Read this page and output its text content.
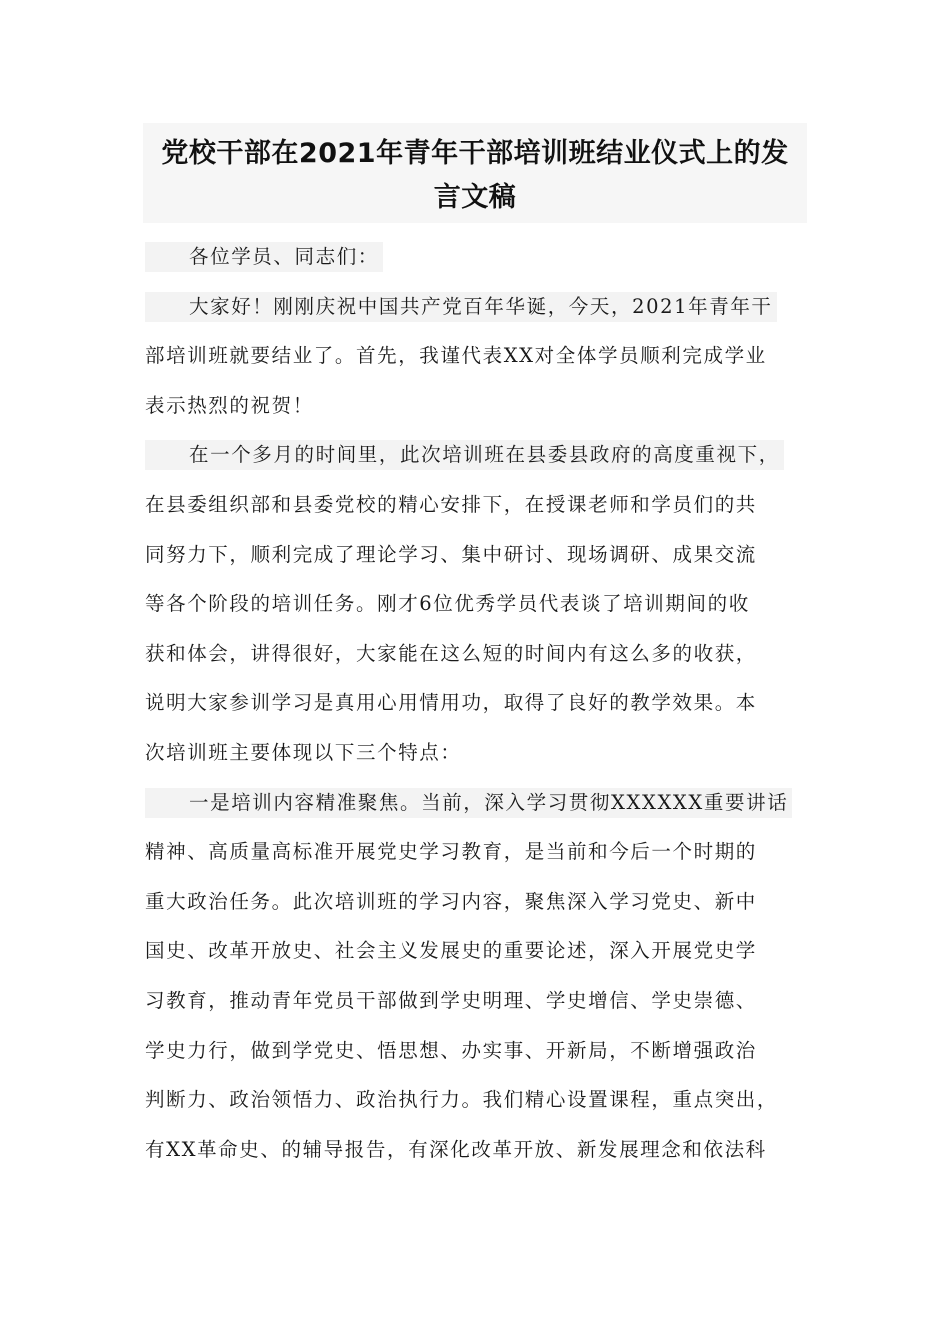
党校干部在2021年青年干部培训班结业仪式上的发
言文稿
各位学员、同志们：
大家好！刚刚庆祝中国共产党百年华诞，今天，2021年青年干
部培训班就要结业了。首先，我谨代表XX对全体学员顺利完成学业
表示热烈的祝贺！
在一个多月的时间里，此次培训班在县委县政府的高度重视下，
在县委组织部和县委党校的精心安排下，在授课老师和学员们的共
同努力下，顺利完成了理论学习、集中研讨、现场调研、成果交流
等各个阶段的培训任务。刚才6位优秀学员代表谈了培训期间的收
获和体会，讲得很好，大家能在这么短的时间内有这么多的收获，
说明大家参训学习是真用心用情用功，取得了良好的教学效果。本
次培训班主要体现以下三个特点：
一是培训内容精准聚焦。当前，深入学习贯彻XXXXXX重要讲话
精神、高质量高标准开展党史学习教育，是当前和今后一个时期的
重大政治任务。此次培训班的学习内容，聚焦深入学习党史、新中
国史、改革开放史、社会主义发展史的重要论述，深入开展党史学
习教育，推动青年党员干部做到学史明理、学史增信、学史崇德、
学史力行，做到学党史、悟思想、办实事、开新局，不断增强政治
判断力、政治领悟力、政治执行力。我们精心设置课程，重点突出，
有XX革命史、的辅导报告，有深化改革开放、新发展理念和依法科
